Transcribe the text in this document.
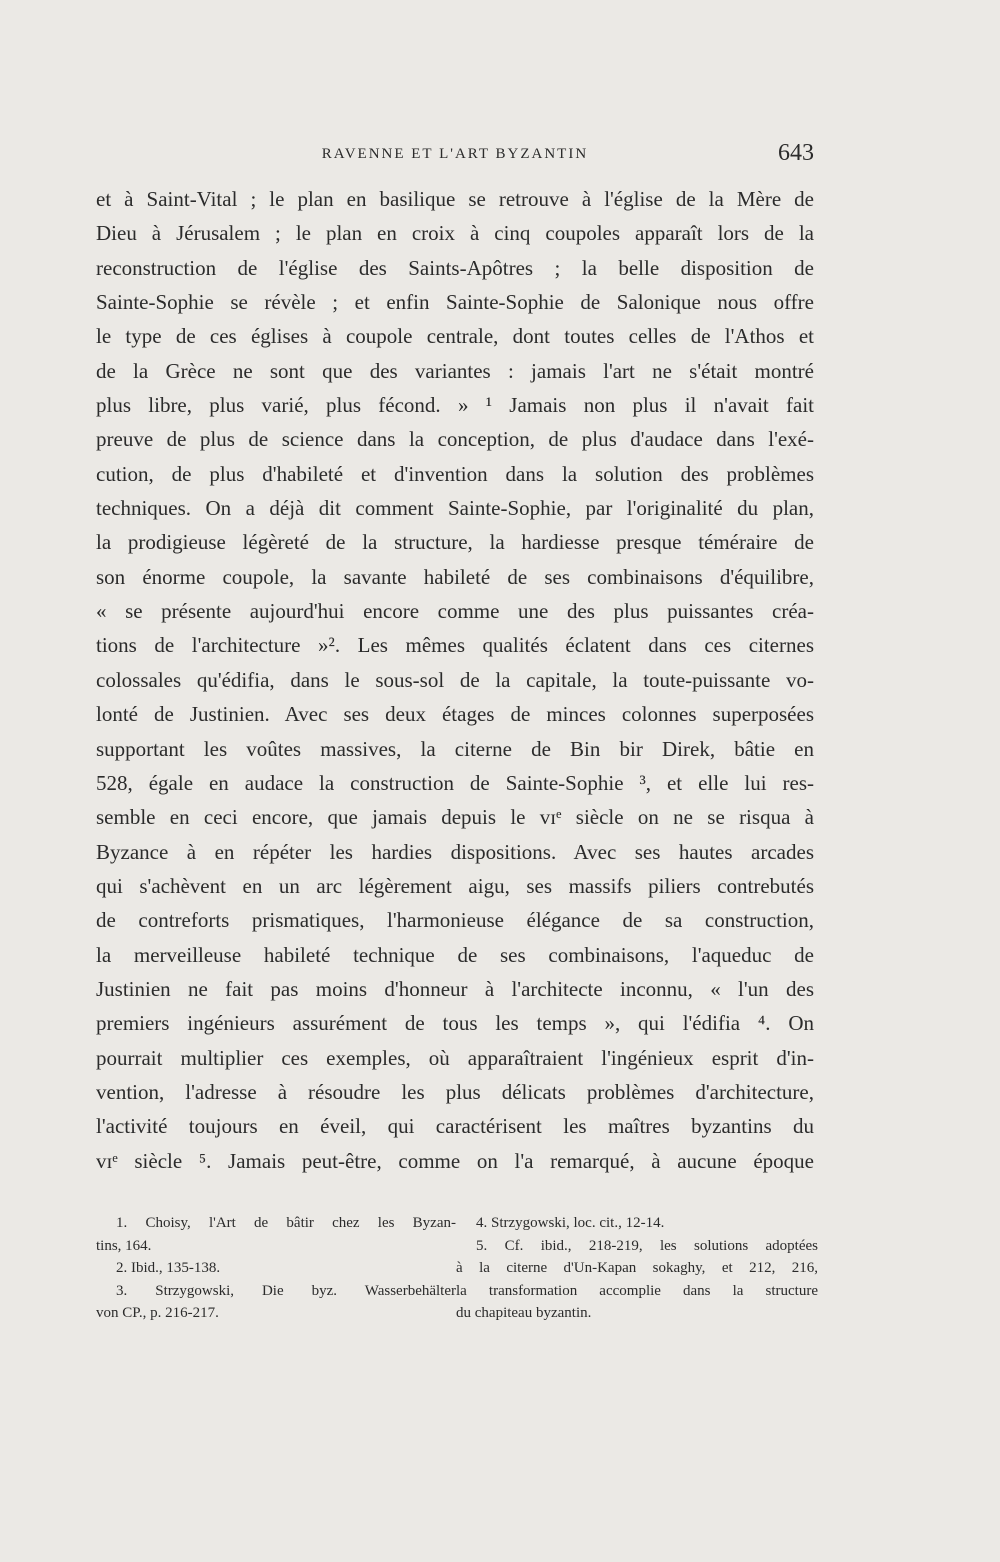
RAVENNE ET L'ART BYZANTIN	643
et à Saint-Vital ; le plan en basilique se retrouve à l'église de la Mère de
Dieu à Jérusalem ; le plan en croix à cinq coupoles apparaît lors de la
reconstruction de l'église des Saints-Apôtres ; la belle disposition de
Sainte-Sophie se révèle ; et enfin Sainte-Sophie de Salonique nous offre
le type de ces églises à coupole centrale, dont toutes celles de l'Athos et
de la Grèce ne sont que des variantes : jamais l'art ne s'était montré
plus libre, plus varié, plus fécond. » ¹ Jamais non plus il n'avait fait
preuve de plus de science dans la conception, de plus d'audace dans l'exé-
cution, de plus d'habileté et d'invention dans la solution des problèmes
techniques. On a déjà dit comment Sainte-Sophie, par l'originalité du plan,
la prodigieuse légèreté de la structure, la hardiesse presque téméraire de
son énorme coupole, la savante habileté de ses combinaisons d'équilibre,
« se présente aujourd'hui encore comme une des plus puissantes créa-
tions de l'architecture »². Les mêmes qualités éclatent dans ces citernes
colossales qu'édifia, dans le sous-sol de la capitale, la toute-puissante vo-
lonté de Justinien. Avec ses deux étages de minces colonnes superposées
supportant les voûtes massives, la citerne de Bin bir Direk, bâtie en
528, égale en audace la construction de Sainte-Sophie ³, et elle lui res-
semble en ceci encore, que jamais depuis le vɪᵉ siècle on ne se risqua à
Byzance à en répéter les hardies dispositions. Avec ses hautes arcades
qui s'achèvent en un arc légèrement aigu, ses massifs piliers contrebutés
de contreforts prismatiques, l'harmonieuse élégance de sa construction,
la merveilleuse habileté technique de ses combinaisons, l'aqueduc de
Justinien ne fait pas moins d'honneur à l'architecte inconnu, « l'un des
premiers ingénieurs assurément de tous les temps », qui l'édifia ⁴. On
pourrait multiplier ces exemples, où apparaîtraient l'ingénieux esprit d'in-
vention, l'adresse à résoudre les plus délicats problèmes d'architecture,
l'activité toujours en éveil, qui caractérisent les maîtres byzantins du
vɪᵉ siècle ⁵. Jamais peut-être, comme on l'a remarqué, à aucune époque
1. Choisy, l'Art de bâtir chez les Byzan-
tins, 164.
2. Ibid., 135-138.
3. Strzygowski, Die byz. Wasserbehälter
von CP., p. 216-217.
4. Strzygowski, loc. cit., 12-14.
5. Cf. ibid., 218-219, les solutions adoptées
à la citerne d'Un-Kapan sokaghy, et 212, 216,
la transformation accomplie dans la structure
du chapiteau byzantin.
